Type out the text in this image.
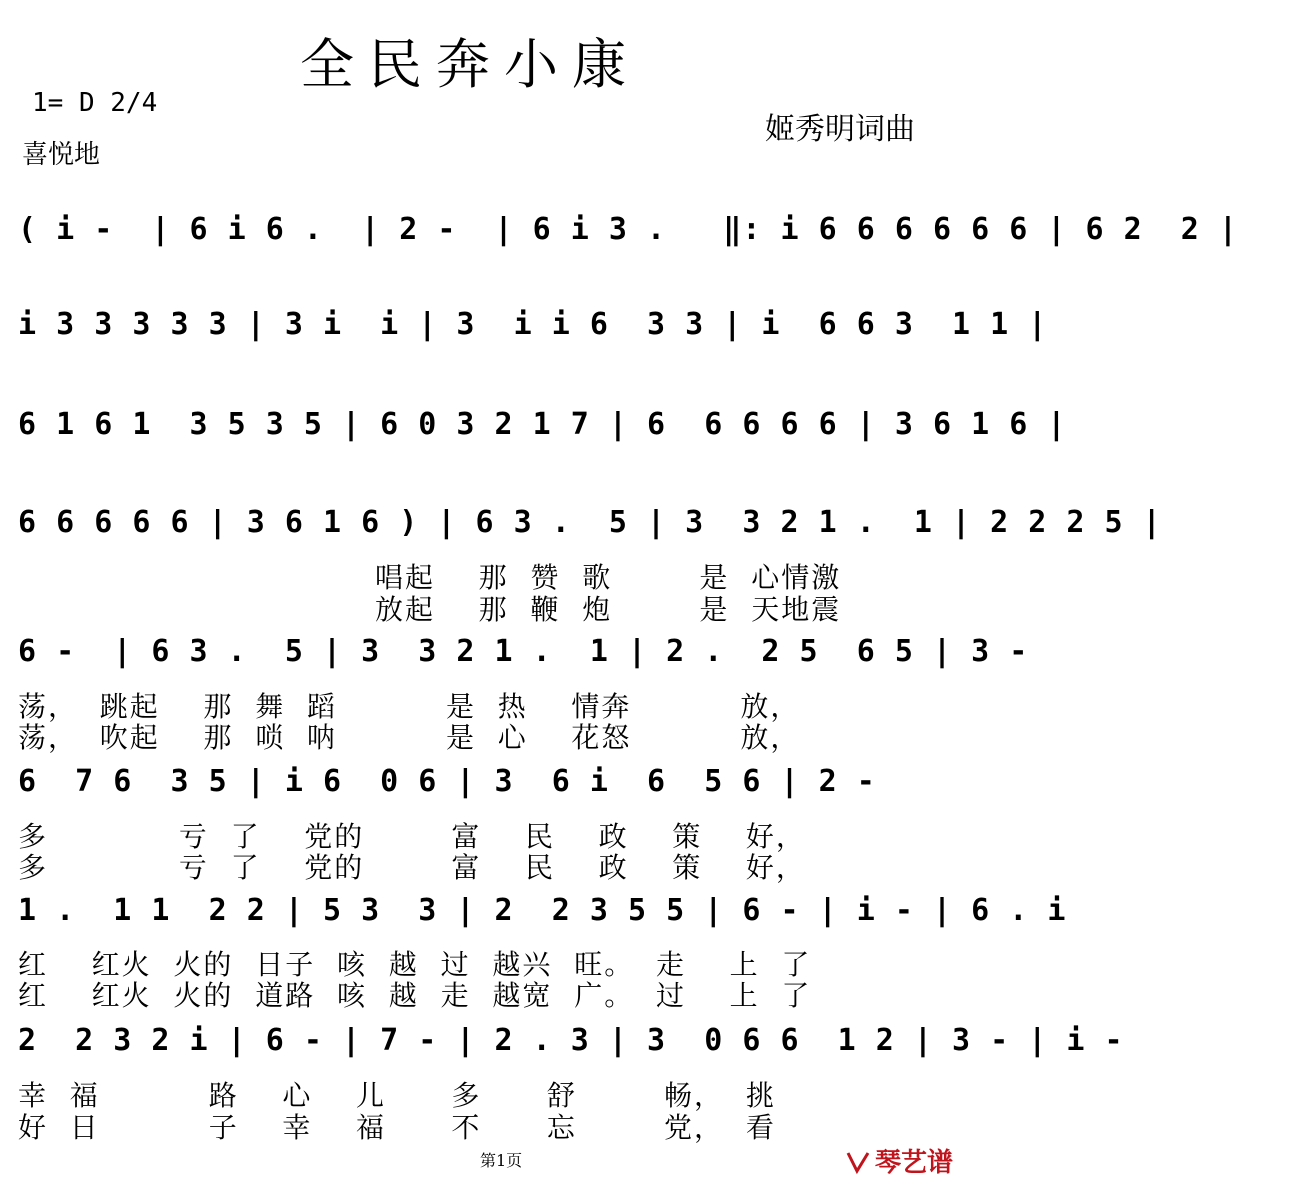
全民奔小康
1= D 2/4
喜悦地
姬秀明词曲
( i -  | 6 i 6 .  | 2 -  | 6 i 3 .   ‖: i 6 6 6 6 6 6 | 6 2  2 |
i 3 3 3 3 3 | 3 i  i | 3  i i 6  3 3 | i  6 6 3  1 1 |
6 1 6 1  3 5 3 5 | 6 0 3 2 1 7 | 6  6 6 6 6 | 3 6 1 6 |
6 6 6 6 6 | 3 6 1 6 ) | 6 3 .  5 | 3  3 2 1 .  1 | 2 2 2 5 |
唱起    那  赞  歌        是  心情激
放起    那  鞭  炮        是  天地震
6 -  | 6 3 .  5 | 3  3 2 1 .  1 | 2 .  2 5  6 5 | 3 -
荡，  跳起    那  舞  蹈          是  热    情奔          放，
荡，  吹起    那  唢  呐          是  心    花怒          放，
6  7 6  3 5 | i 6  0 6 | 3  6 i  6  5 6 | 2 -
多            亏  了    党的        富    民    政    策    好，
多            亏  了    党的        富    民    政    策    好，
1 .  1 1  2 2 | 5 3  3 | 2  2 3 5 5 | 6 - | i - | 6 . i
红    红火  火的  日子  咳  越  过  越兴  旺。  走    上  了
红    红火  火的  道路  咳  越  走  越宽  广。  过    上  了
2  2 3 2 i | 6 - | 7 - | 2 . 3 | 3  0 6 6  1 2 | 3 - | i -
幸  福          路    心    儿      多      舒        畅，  挑
好  日          子    幸    福      不      忘        党，  看
第1页	琴艺谱
